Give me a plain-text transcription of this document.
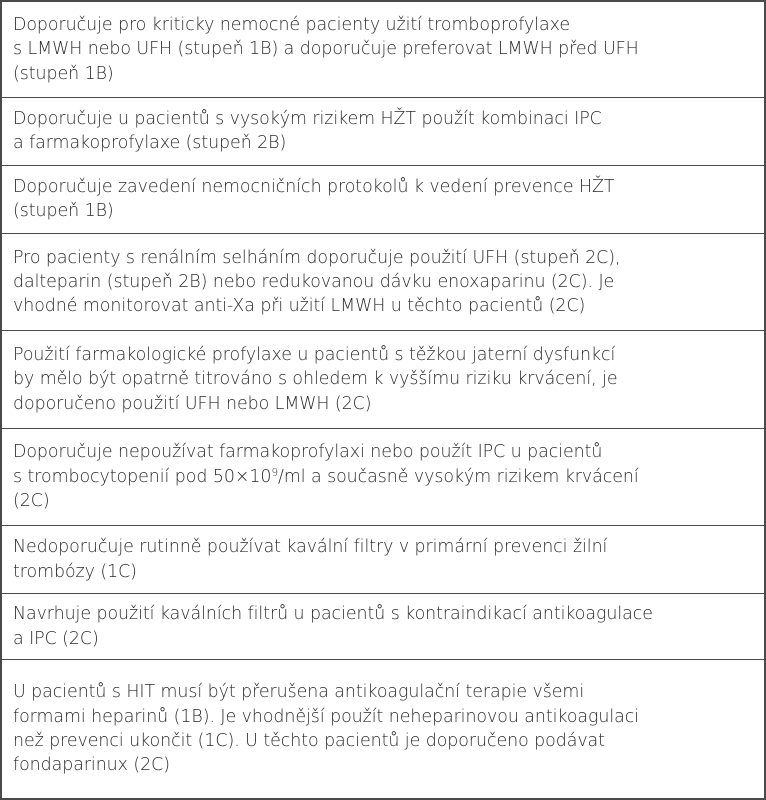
Doporučuje pro kriticky nemocné pacienty užití tromboprofylaxe
s LMWH nebo UFH (stupeň 1B) a doporučuje preferovat LMWH před UFH
(stupeň 1B)

Doporučuje u pacientů s vysokým rizikem HŽT použít kombinaci IPC
a farmakoprofylaxe (stupeň 2B)

Doporučuje zavedení nemocničních protokolů k vedení prevence HŽT
(stupeň 1B)

Pro pacienty s renálním selháním doporučuje použití UFH (stupeň 2C),
dalteparin (stupeň 2B) nebo redukovanou dávku enoxaparinu (2C). Je
vhodné monitorovat anti-Xa při užití LMWH u těchto pacientů (2C)

Použití farmakologické profylaxe u pacientů s těžkou jaterní dysfunkcí
by mělo být opatrně titrováno s ohledem k vyššímu riziku krvácení, je
doporučeno použití UFH nebo LMWH (2C)

Doporučuje nepoužívat farmakoprofylaxi nebo použít IPC u pacientů
s trombocytopenií pod $50\times 10^9/ml$ a současně vysokým rizikem krvácení
(2C)

Nedoporučuje rutinně používat kavální filtry v primární prevenci žilní
trombózy (1C)

Navrhuje použití kaválních filtrů u pacientů s kontraindikací antikoagulace
a IPC (2C)

U pacientů s HIT musí být přerušena antikoagulační terapie všemi
formami heparinů (1B). Je vhodnější použít neheparinovou antikoagulaci
než prevenci ukončit (1C). U těchto pacientů je doporučeno podávat
fondaparinux (2C)
